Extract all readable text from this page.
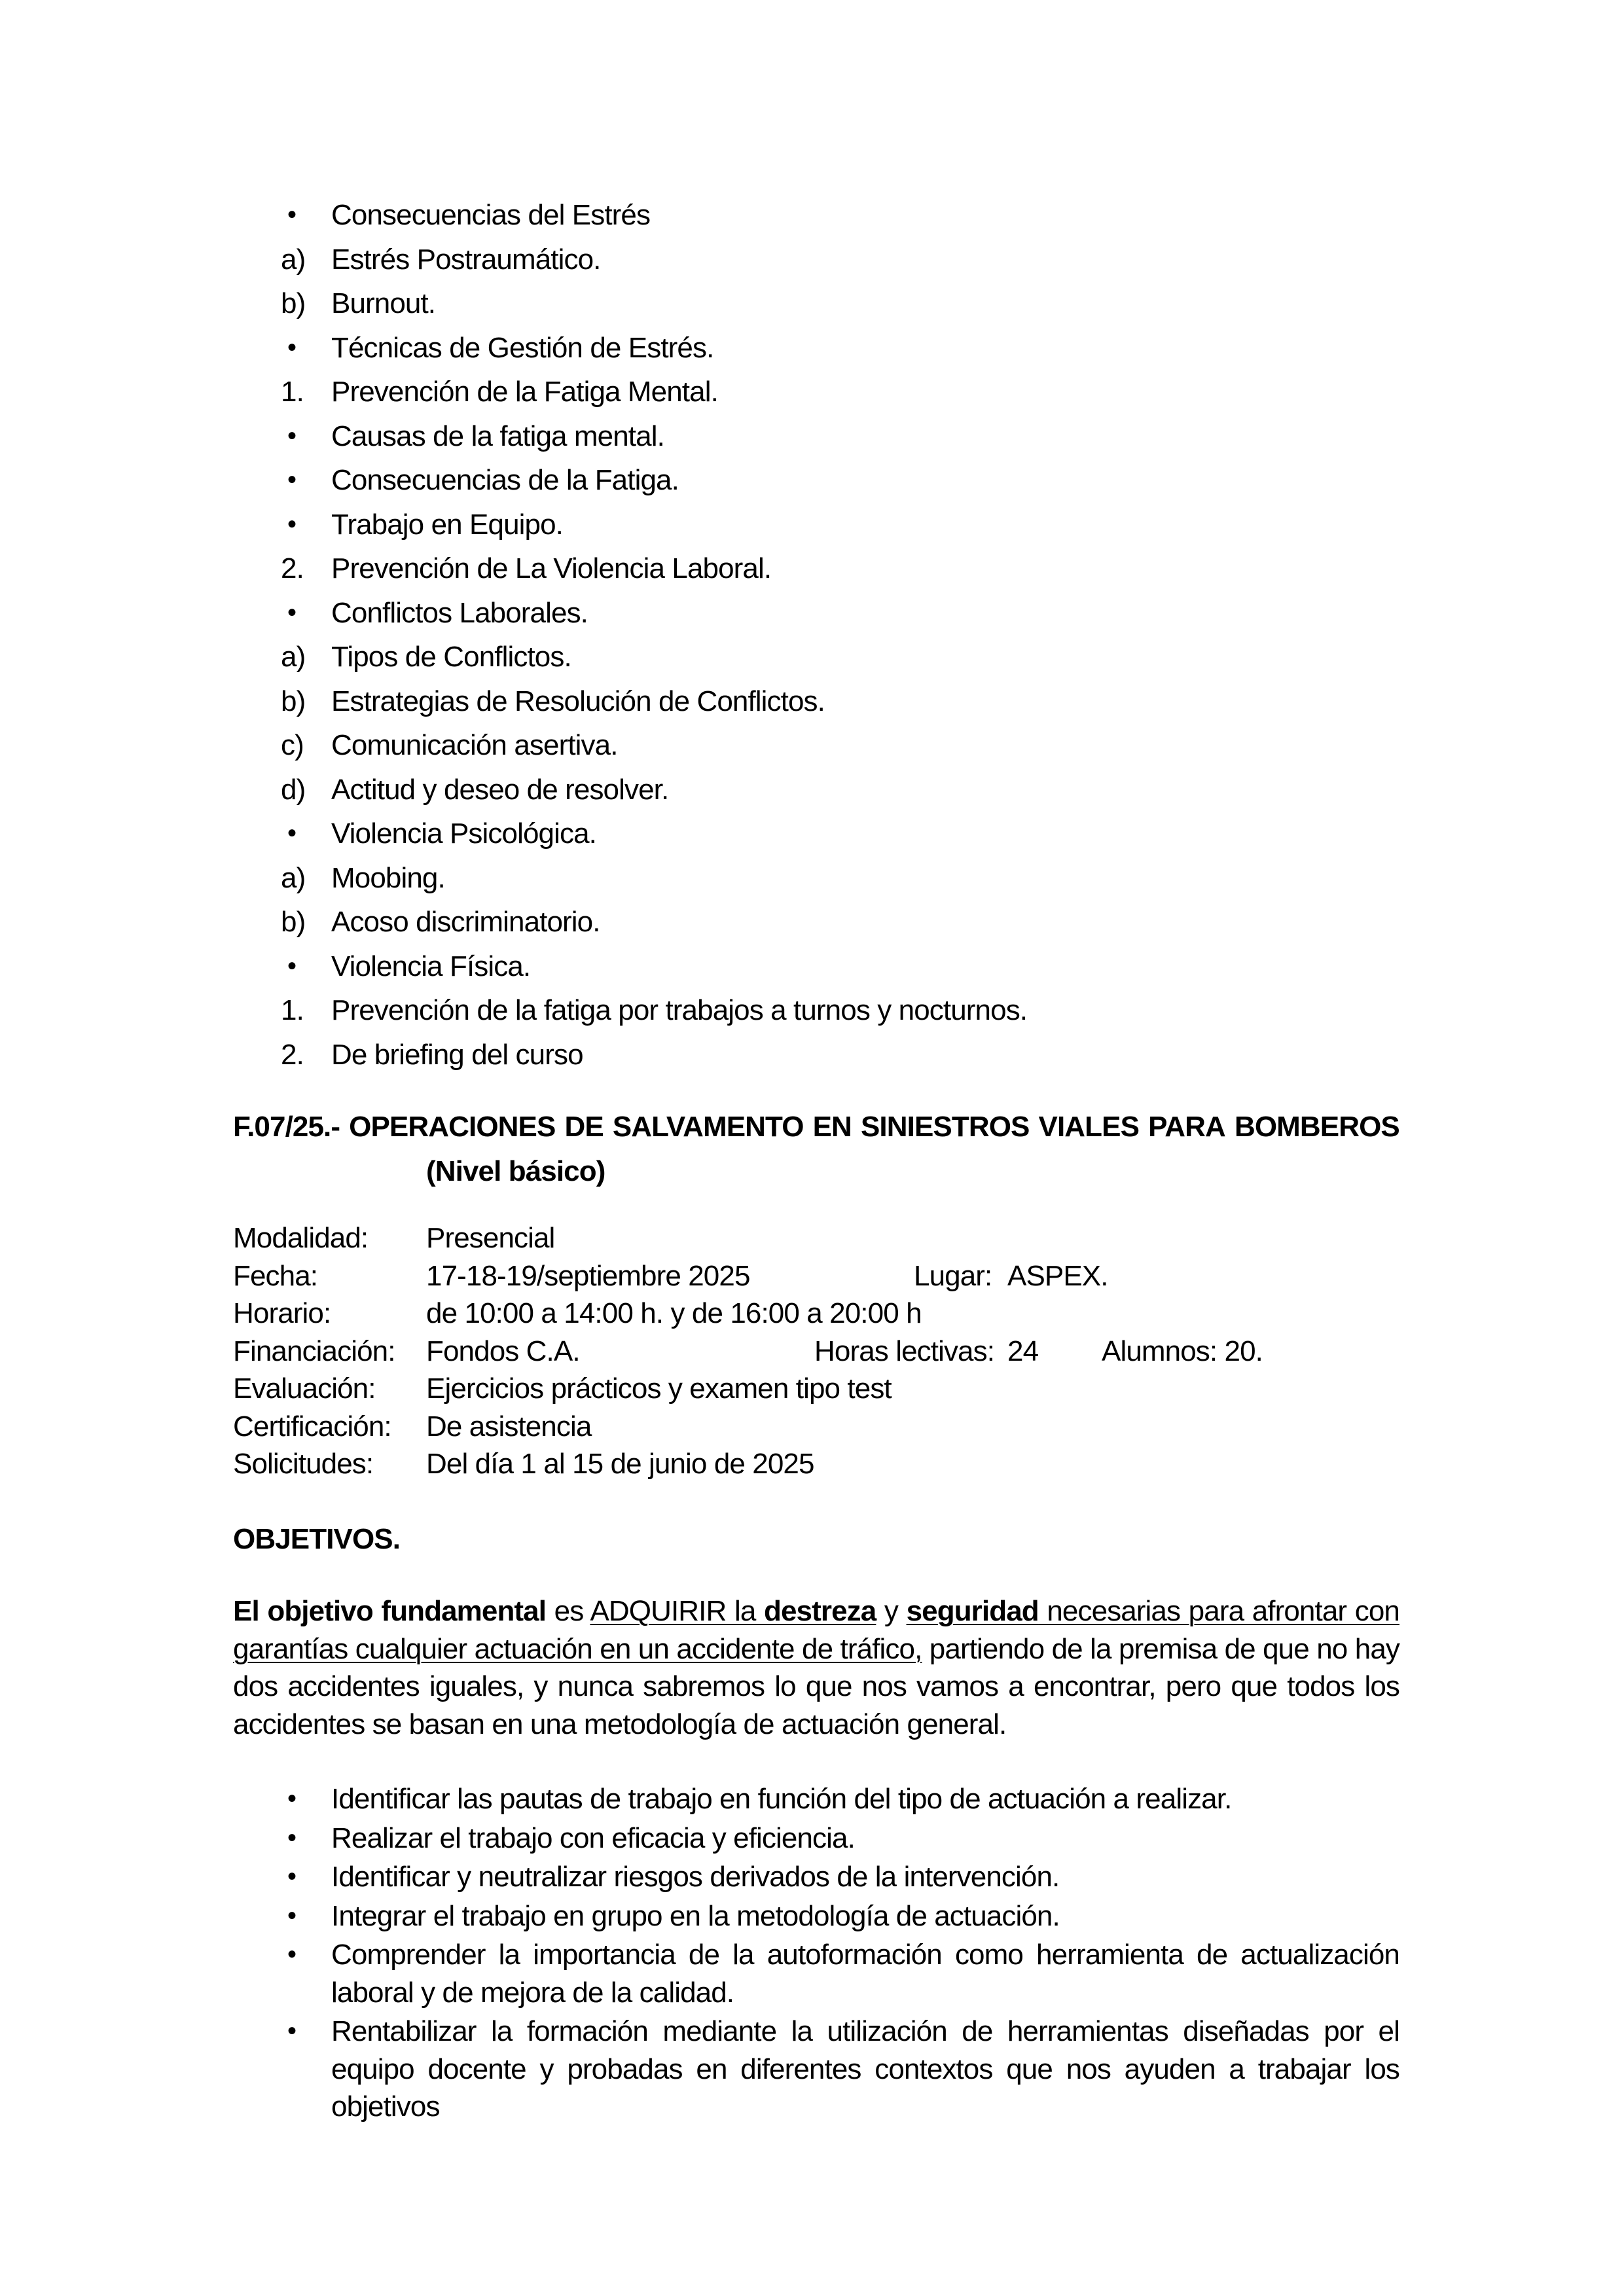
•	Consecuencias del Estrés
a) Estrés Postraumático.
b) Burnout.
•	Técnicas de Gestión de Estrés.
1. Prevención de la Fatiga Mental.
•	Causas de la fatiga mental.
•	Consecuencias de la Fatiga.
•	Trabajo en Equipo.
2. Prevención de La Violencia Laboral.
•	Conflictos Laborales.
a) Tipos de Conflictos.
b) Estrategias de Resolución de Conflictos.
c) Comunicación asertiva.
d) Actitud y deseo de resolver.
•	Violencia Psicológica.
a) Moobing.
b) Acoso discriminatorio.
•	Violencia Física.
1. Prevención de la fatiga por trabajos a turnos y nocturnos.
2. De briefing del curso
F.07/25.- OPERACIONES DE SALVAMENTO EN SINIESTROS VIALES PARA BOMBEROS
(Nivel básico)
Modalidad: Presencial
Fecha:	17-18-19/septiembre 2025	Lugar: ASPEX.
Horario:	de 10:00 a 14:00 h. y de 16:00 a 20:00 h
Financiación: Fondos C.A.	Horas lectivas: 24 Alumnos: 20.
Evaluación: Ejercicios prácticos y examen tipo test
Certificación: De asistencia
Solicitudes: Del día 1 al 15 de junio de 2025
OBJETIVOS.

El objetivo fundamental es ADQUIRIR la destreza y seguridad necesarias para afrontar con garantías cualquier actuación en un accidente de tráfico, partiendo de la premisa de que no hay dos accidentes iguales, y nunca sabremos lo que nos vamos a encontrar, pero que todos los accidentes se basan en una metodología de actuación general.

• Identificar las pautas de trabajo en función del tipo de actuación a realizar.
• Realizar el trabajo con eficacia y eficiencia.
• Identificar y neutralizar riesgos derivados de la intervención.
• Integrar el trabajo en grupo en la metodología de actuación.
• Comprender la importancia de la autoformación como herramienta de actualización laboral y de mejora de la calidad.
• Rentabilizar la formación mediante la utilización de herramientas diseñadas por el equipo docente y probadas en diferentes contextos que nos ayuden a trabajar los objetivos
